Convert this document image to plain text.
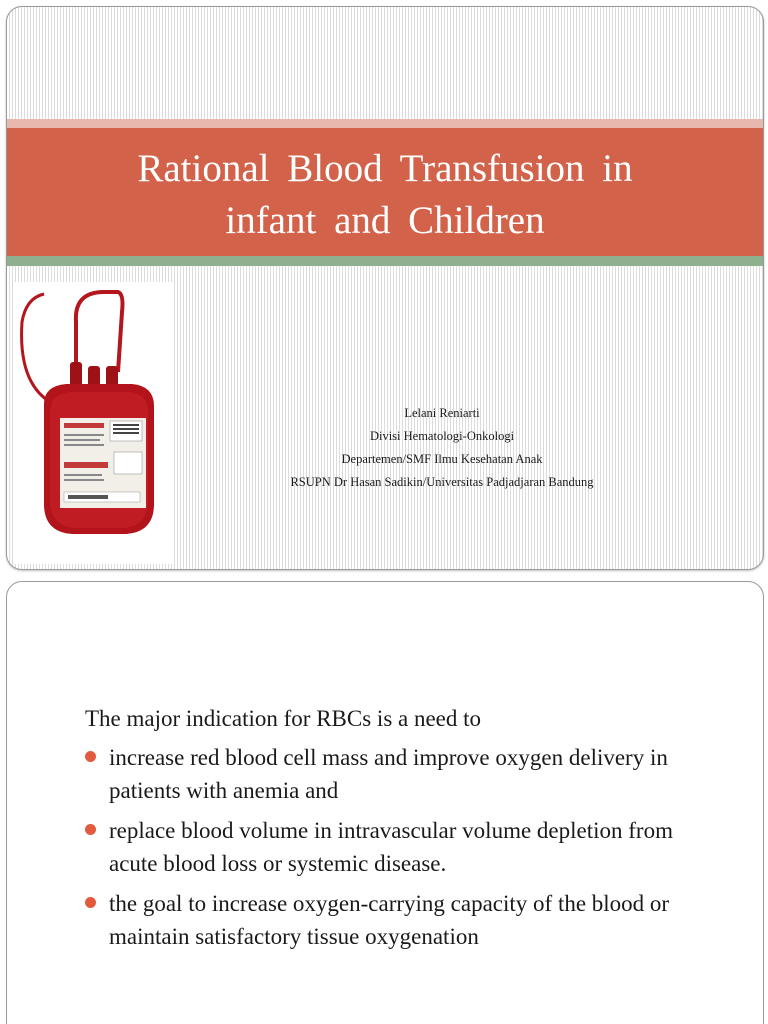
Rational Blood Transfusion in
infant and Children
Lelani Reniarti
Divisi Hematologi-Onkologi
Departemen/SMF Ilmu Kesehatan Anak
RSUPN Dr Hasan Sadikin/Universitas Padjadjaran Bandung

The major indication for RBCs is a need to

increase red blood cell mass and improve oxygen delivery in patients with anemia and
replace blood volume in intravascular volume depletion from acute blood loss or systemic disease.
the goal to increase oxygen-carrying capacity of the blood or maintain satisfactory tissue oxygenation
